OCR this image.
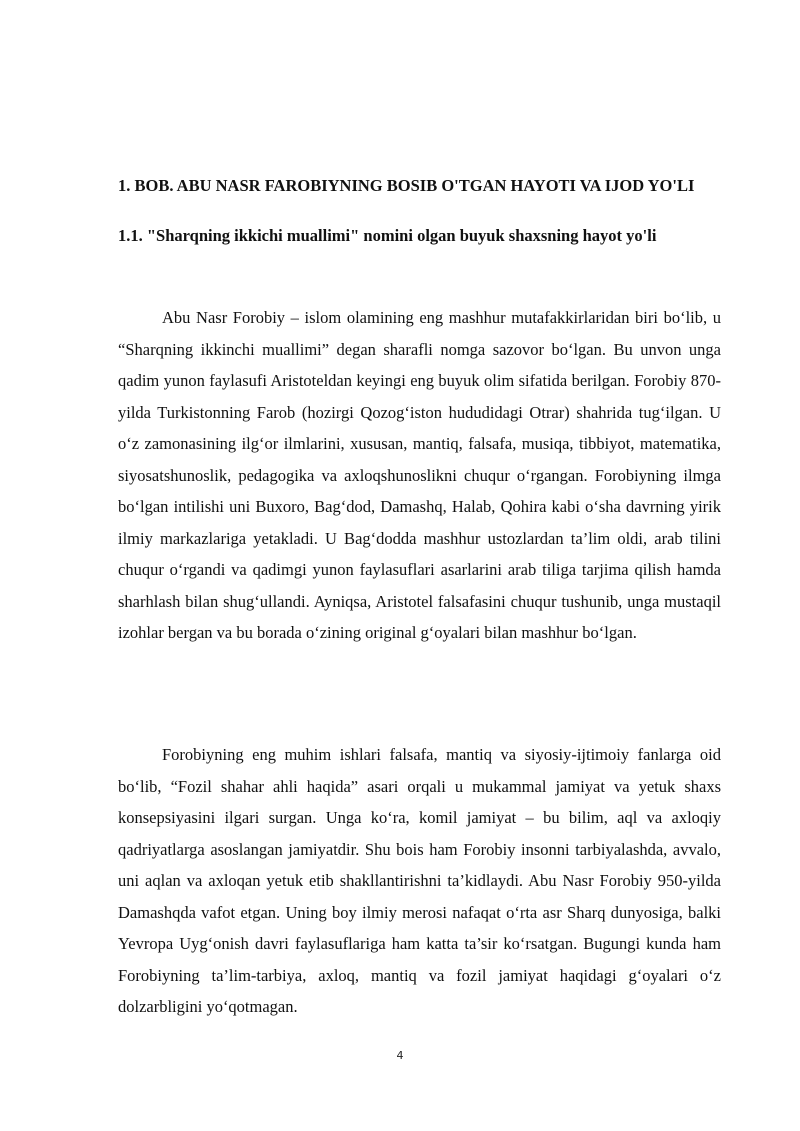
1. BOB. ABU NASR FAROBIYNING BOSIB O'TGAN HAYOTI VA IJOD YO'LI
1.1. "Sharqning ikkichi muallimi" nomini olgan buyuk shaxsning hayot yo'li

Abu Nasr Forobiy – islom olamining eng mashhur mutafakkirlaridan biri bo‘lib, u “Sharqning ikkinchi muallimi” degan sharafli nomga sazovor bo‘lgan. Bu unvon unga qadim yunon faylasufi Aristoteldan keyingi eng buyuk olim sifatida berilgan. Forobiy 870-yilda Turkistonning Farob (hozirgi Qozog‘iston hududidagi Otrar) shahrida tug‘ilgan. U o‘z zamonasining ilg‘or ilmlarini, xususan, mantiq, falsafa, musiqa, tibbiyot, matematika, siyosatshunoslik, pedagogika va axloqshunoslikni chuqur o‘rgangan. Forobiyning ilmga bo‘lgan intilishi uni Buxoro, Bag‘dod, Damashq, Halab, Qohira kabi o‘sha davrning yirik ilmiy markazlariga yetakladi. U Bag‘dodda mashhur ustozlardan ta’lim oldi, arab tilini chuqur o‘rgandi va qadimgi yunon faylasuflari asarlarini arab tiliga tarjima qilish hamda sharhlash bilan shug‘ullandi. Ayniqsa, Aristotel falsafasini chuqur tushunib, unga mustaqil izohlar bergan va bu borada o‘zining original g‘oyalari bilan mashhur bo‘lgan.

Forobiyning eng muhim ishlari falsafa, mantiq va siyosiy-ijtimoiy fanlarga oid bo‘lib, “Fozil shahar ahli haqida” asari orqali u mukammal jamiyat va yetuk shaxs konsepsiyasini ilgari surgan. Unga ko‘ra, komil jamiyat – bu bilim, aql va axloqiy qadriyatlarga asoslangan jamiyatdir. Shu bois ham Forobiy insonni tarbiyalashda, avvalo, uni aqlan va axloqan yetuk etib shakllantirishni ta’kidlaydi. Abu Nasr Forobiy 950-yilda Damashqda vafot etgan. Uning boy ilmiy merosi nafaqat o‘rta asr Sharq dunyosiga, balki Yevropa Uyg‘onish davri faylasuflariga ham katta ta’sir ko‘rsatgan. Bugungi kunda ham Forobiyning ta’lim-tarbiya, axloq, mantiq va fozil jamiyat haqidagi g‘oyalari o‘z dolzarbligini yo‘qotmagan.

4
